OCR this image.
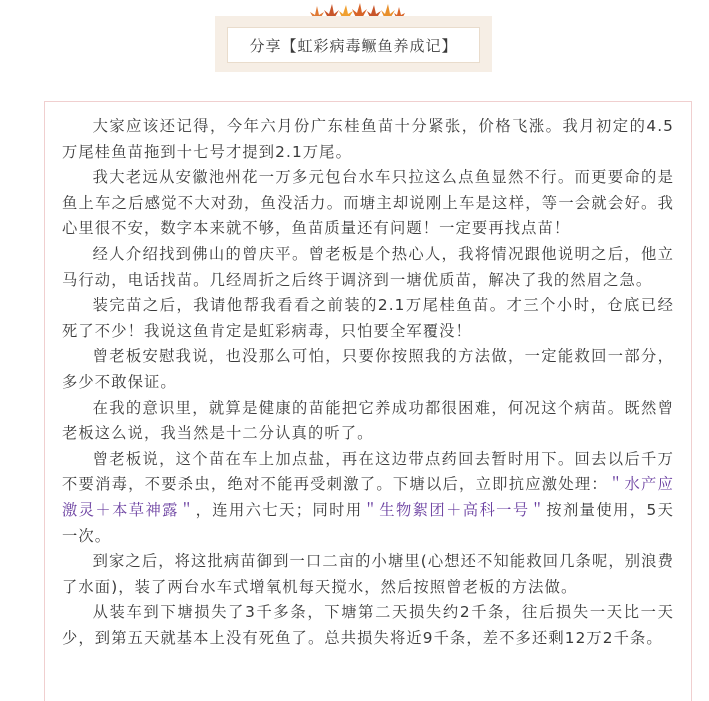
分享【虹彩病毒鳜鱼养成记】

大家应该还记得，今年六月份广东桂鱼苗十分紧张，价格飞涨。我月初定的4.5万尾桂鱼苗拖到十七号才提到2.1万尾。

我大老远从安徽池州花一万多元包台水车只拉这么点鱼显然不行。而更要命的是鱼上车之后感觉不大对劲，鱼没活力。而塘主却说刚上车是这样，等一会就会好。我心里很不安，数字本来就不够，鱼苗质量还有问题！一定要再找点苗！

经人介绍找到佛山的曾庆平。曾老板是个热心人，我将情况跟他说明之后，他立马行动，电话找苗。几经周折之后终于调济到一塘优质苗，解决了我的然眉之急。

装完苗之后，我请他帮我看看之前装的2.1万尾桂鱼苗。才三个小时，仓底已经死了不少！我说这鱼肯定是虹彩病毒，只怕要全军覆没！

曾老板安慰我说，也没那么可怕，只要你按照我的方法做，一定能救回一部分，多少不敢保证。

在我的意识里，就算是健康的苗能把它养成功都很困难，何况这个病苗。既然曾老板这么说，我当然是十二分认真的听了。

曾老板说，这个苗在车上加点盐，再在这边带点药回去暂时用下。回去以后千万不要消毒，不要杀虫，绝对不能再受刺激了。下塘以后，立即抗应激处理：＂水产应激灵＋本草神露＂，连用六七天；同时用＂生物絮团＋高科一号＂按剂量使用，5天一次。

到家之后，将这批病苗御到一口二亩的小塘里(心想还不知能救回几条呢，别浪费了水面)，装了两台水车式增氧机每天搅水，然后按照曾老板的方法做。

从装车到下塘损失了3千多条，下塘第二天损失约2千条，往后损失一天比一天少，到第五天就基本上没有死鱼了。总共损失将近9千条，差不多还剩12万2千条。
